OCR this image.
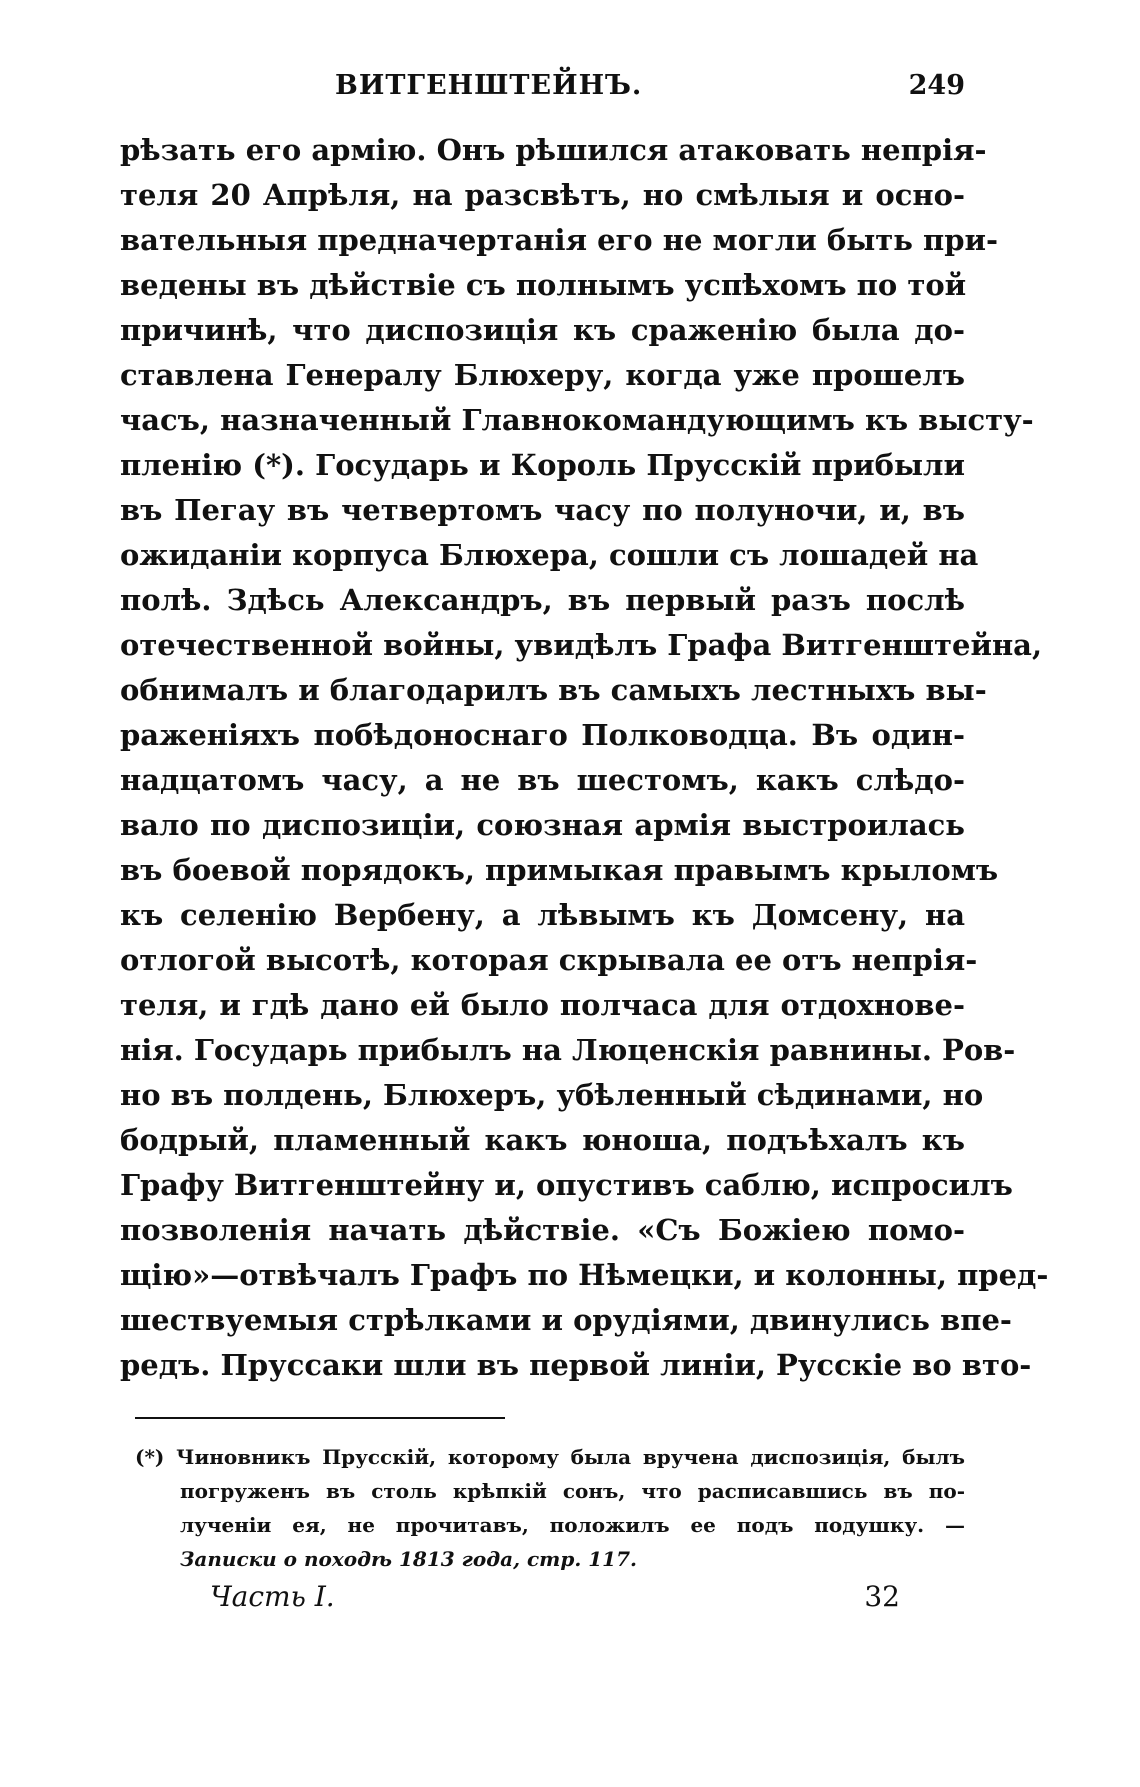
ВИТГЕНШТЕЙНЪ.	249
рѣзать его армію. Онъ рѣшился атаковать непрія-
теля 20 Апрѣля, на разсвѣтъ, но смѣлыя и осно-
вательныя предначертанія его не могли быть при-
ведены въ дѣйствіе съ полнымъ успѣхомъ по той
причинѣ, что диспозиція къ сраженію была до-
ставлена Генералу Блюхеру, когда уже прошелъ
часъ, назначенный Главнокомандующимъ къ высту-
пленію (*). Государь и Король Прусскій прибыли
въ Пегау въ четвертомъ часу по полуночи, и, въ
ожиданіи корпуса Блюхера, сошли съ лошадей на
полѣ. Здѣсь Александръ, въ первый разъ послѣ
отечественной войны, увидѣлъ Графа Витгенштейна,
обнималъ и благодарилъ въ самыхъ лестныхъ вы-
раженіяхъ побѣдоноснаго Полководца. Въ один-
надцатомъ часу, а не въ шестомъ, какъ слѣдо-
вало по диспозиціи, союзная армія выстроилась
въ боевой порядокъ, примыкая правымъ крыломъ
къ селенію Вербену, а лѣвымъ къ Домсену, на
отлогой высотѣ, которая скрывала ее отъ непрія-
теля, и гдѣ дано ей было полчаса для отдохнове-
нія. Государь прибылъ на Люценскія равнины. Ров-
но въ полдень, Блюхеръ, убѣленный сѣдинами, но
бодрый, пламенный какъ юноша, подъѣхалъ къ
Графу Витгенштейну и, опустивъ саблю, испросилъ
позволенія начать дѣйствіе. «Съ Божіею помо-
щію»—отвѣчалъ Графъ по Нѣмецки, и колонны, пред-
шествуемыя стрѣлками и орудіями, двинулись впе-
редъ. Пруссаки шли въ первой линіи, Русскіе во вто-
(*) Чиновникъ Прусскій, которому была вручена диспозиція, былъ
погруженъ въ столь крѣпкій сонъ, что расписавшись въ по-
лученіи ея, не прочитавъ, положилъ ее подъ подушку. —
Записки о походѣ 1813 года, стр. 117.
Часть I.	32
